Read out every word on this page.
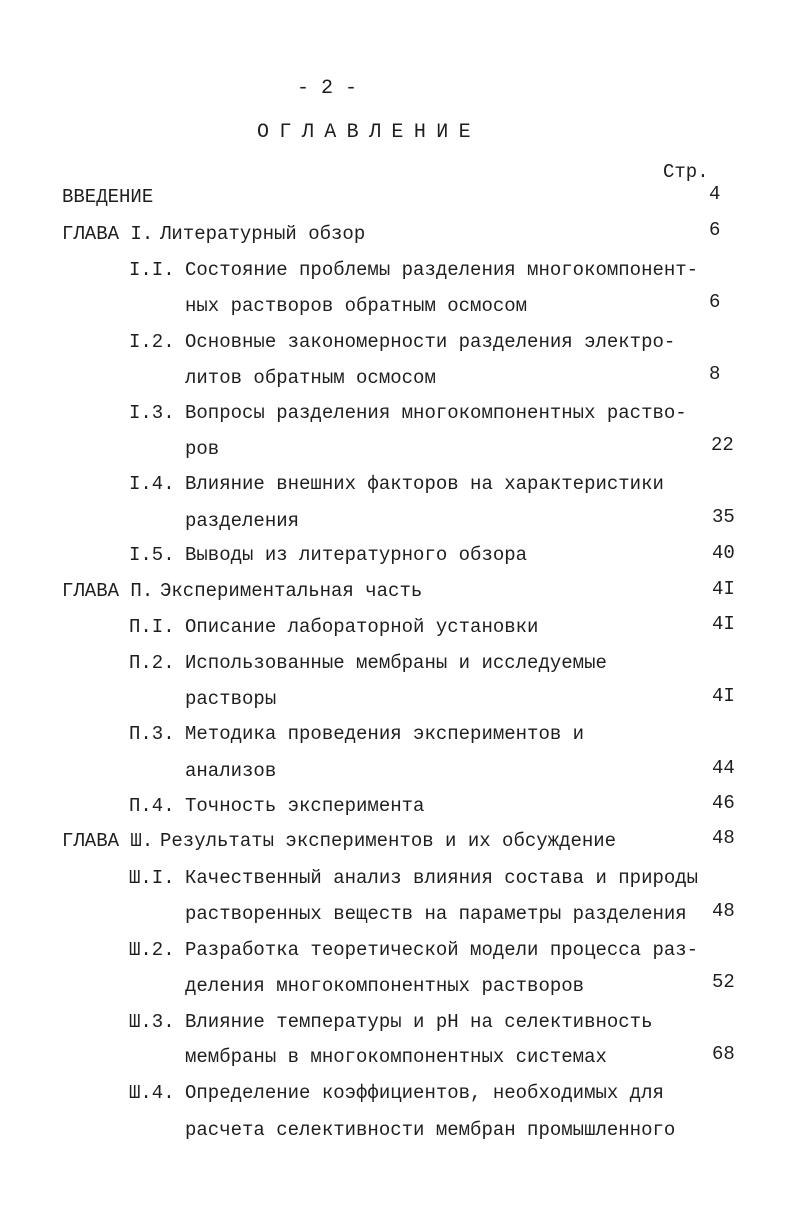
- 2 -
ОГЛАВЛЕНИЕ
Стр.
ВВЕДЕНИЕ	4
ГЛАВА I. Литературный обзор	6
I.I. Состояние проблемы разделения многокомпонент-
ных растворов обратным осмосом	6
I.2. Основные закономерности разделения электро-
литов обратным осмосом	8
I.3. Вопросы разделения многокомпонентных раство-
ров	22
I.4. Влияние внешних факторов на характеристики
разделения	35
I.5. Выводы из литературного обзора	40
ГЛАВА П. Экспериментальная часть	4I
П.I. Описание лабораторной установки	4I
П.2. Использованные мембраны и исследуемые
растворы	4I
П.3. Методика проведения экспериментов и
анализов	44
П.4. Точность эксперимента	46
ГЛАВА Ш. Результаты экспериментов и их обсуждение	48
Ш.I. Качественный анализ влияния состава и природы
растворенных веществ на параметры разделения 48
Ш.2. Разработка теоретической модели процесса раз-
деления многокомпонентных растворов	52
Ш.3. Влияние температуры и рН на селективность
мембраны в многокомпонентных системах	68
Ш.4. Определение коэффициентов, необходимых для
расчета селективности мембран промышленного
